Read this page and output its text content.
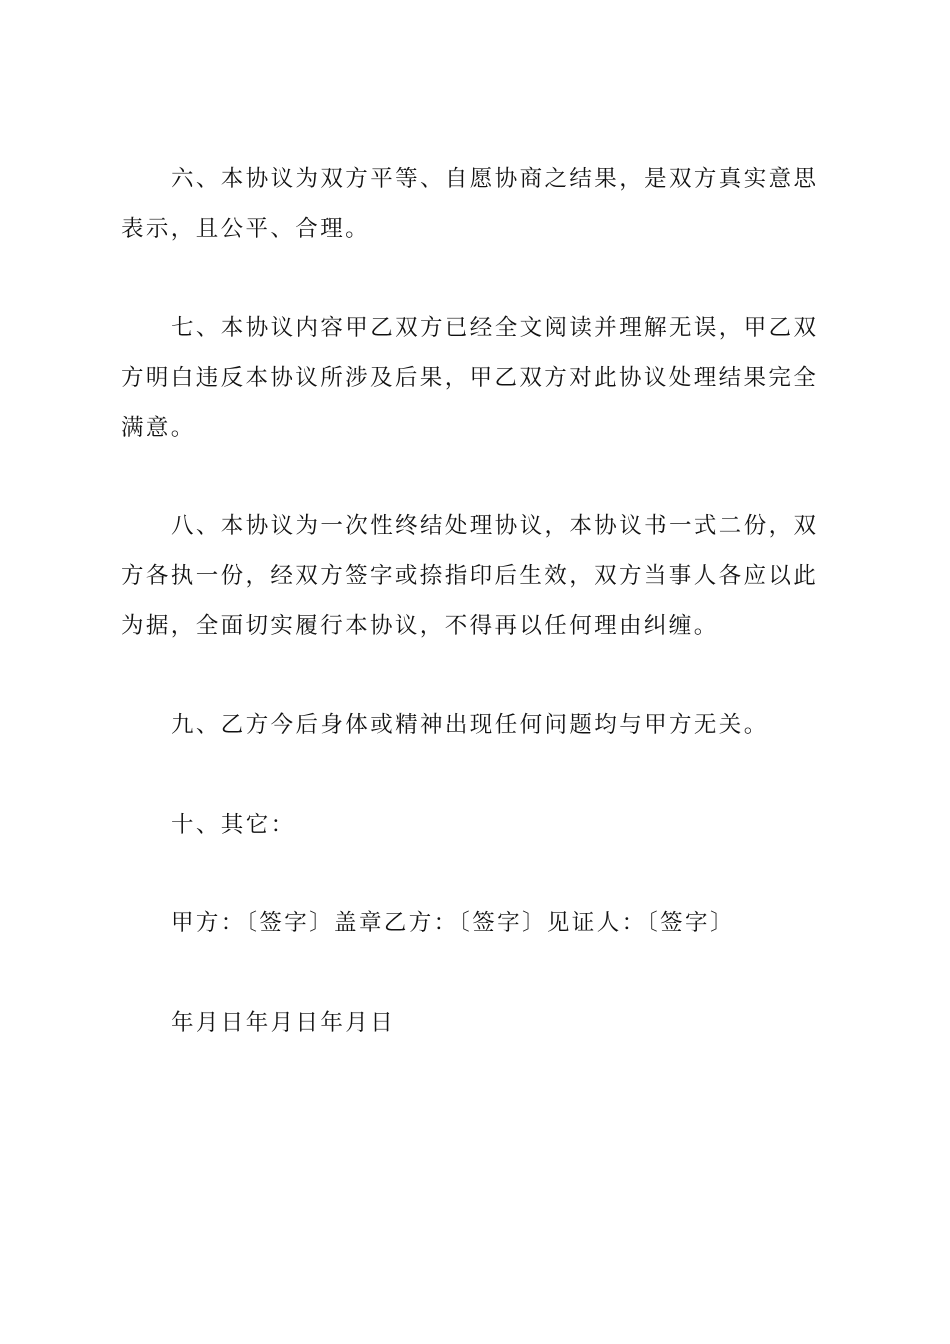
六、本协议为双方平等、自愿协商之结果，是双方真实意思表示，且公平、合理。

七、本协议内容甲乙双方已经全文阅读并理解无误，甲乙双方明白违反本协议所涉及后果，甲乙双方对此协议处理结果完全满意。

八、本协议为一次性终结处理协议，本协议书一式二份，双方各执一份，经双方签字或捺指印后生效，双方当事人各应以此为据，全面切实履行本协议，不得再以任何理由纠缠。

九、乙方今后身体或精神出现任何问题均与甲方无关。

十、其它：

甲方：〔签字〕盖章乙方：〔签字〕见证人：〔签字〕

年月日年月日年月日
